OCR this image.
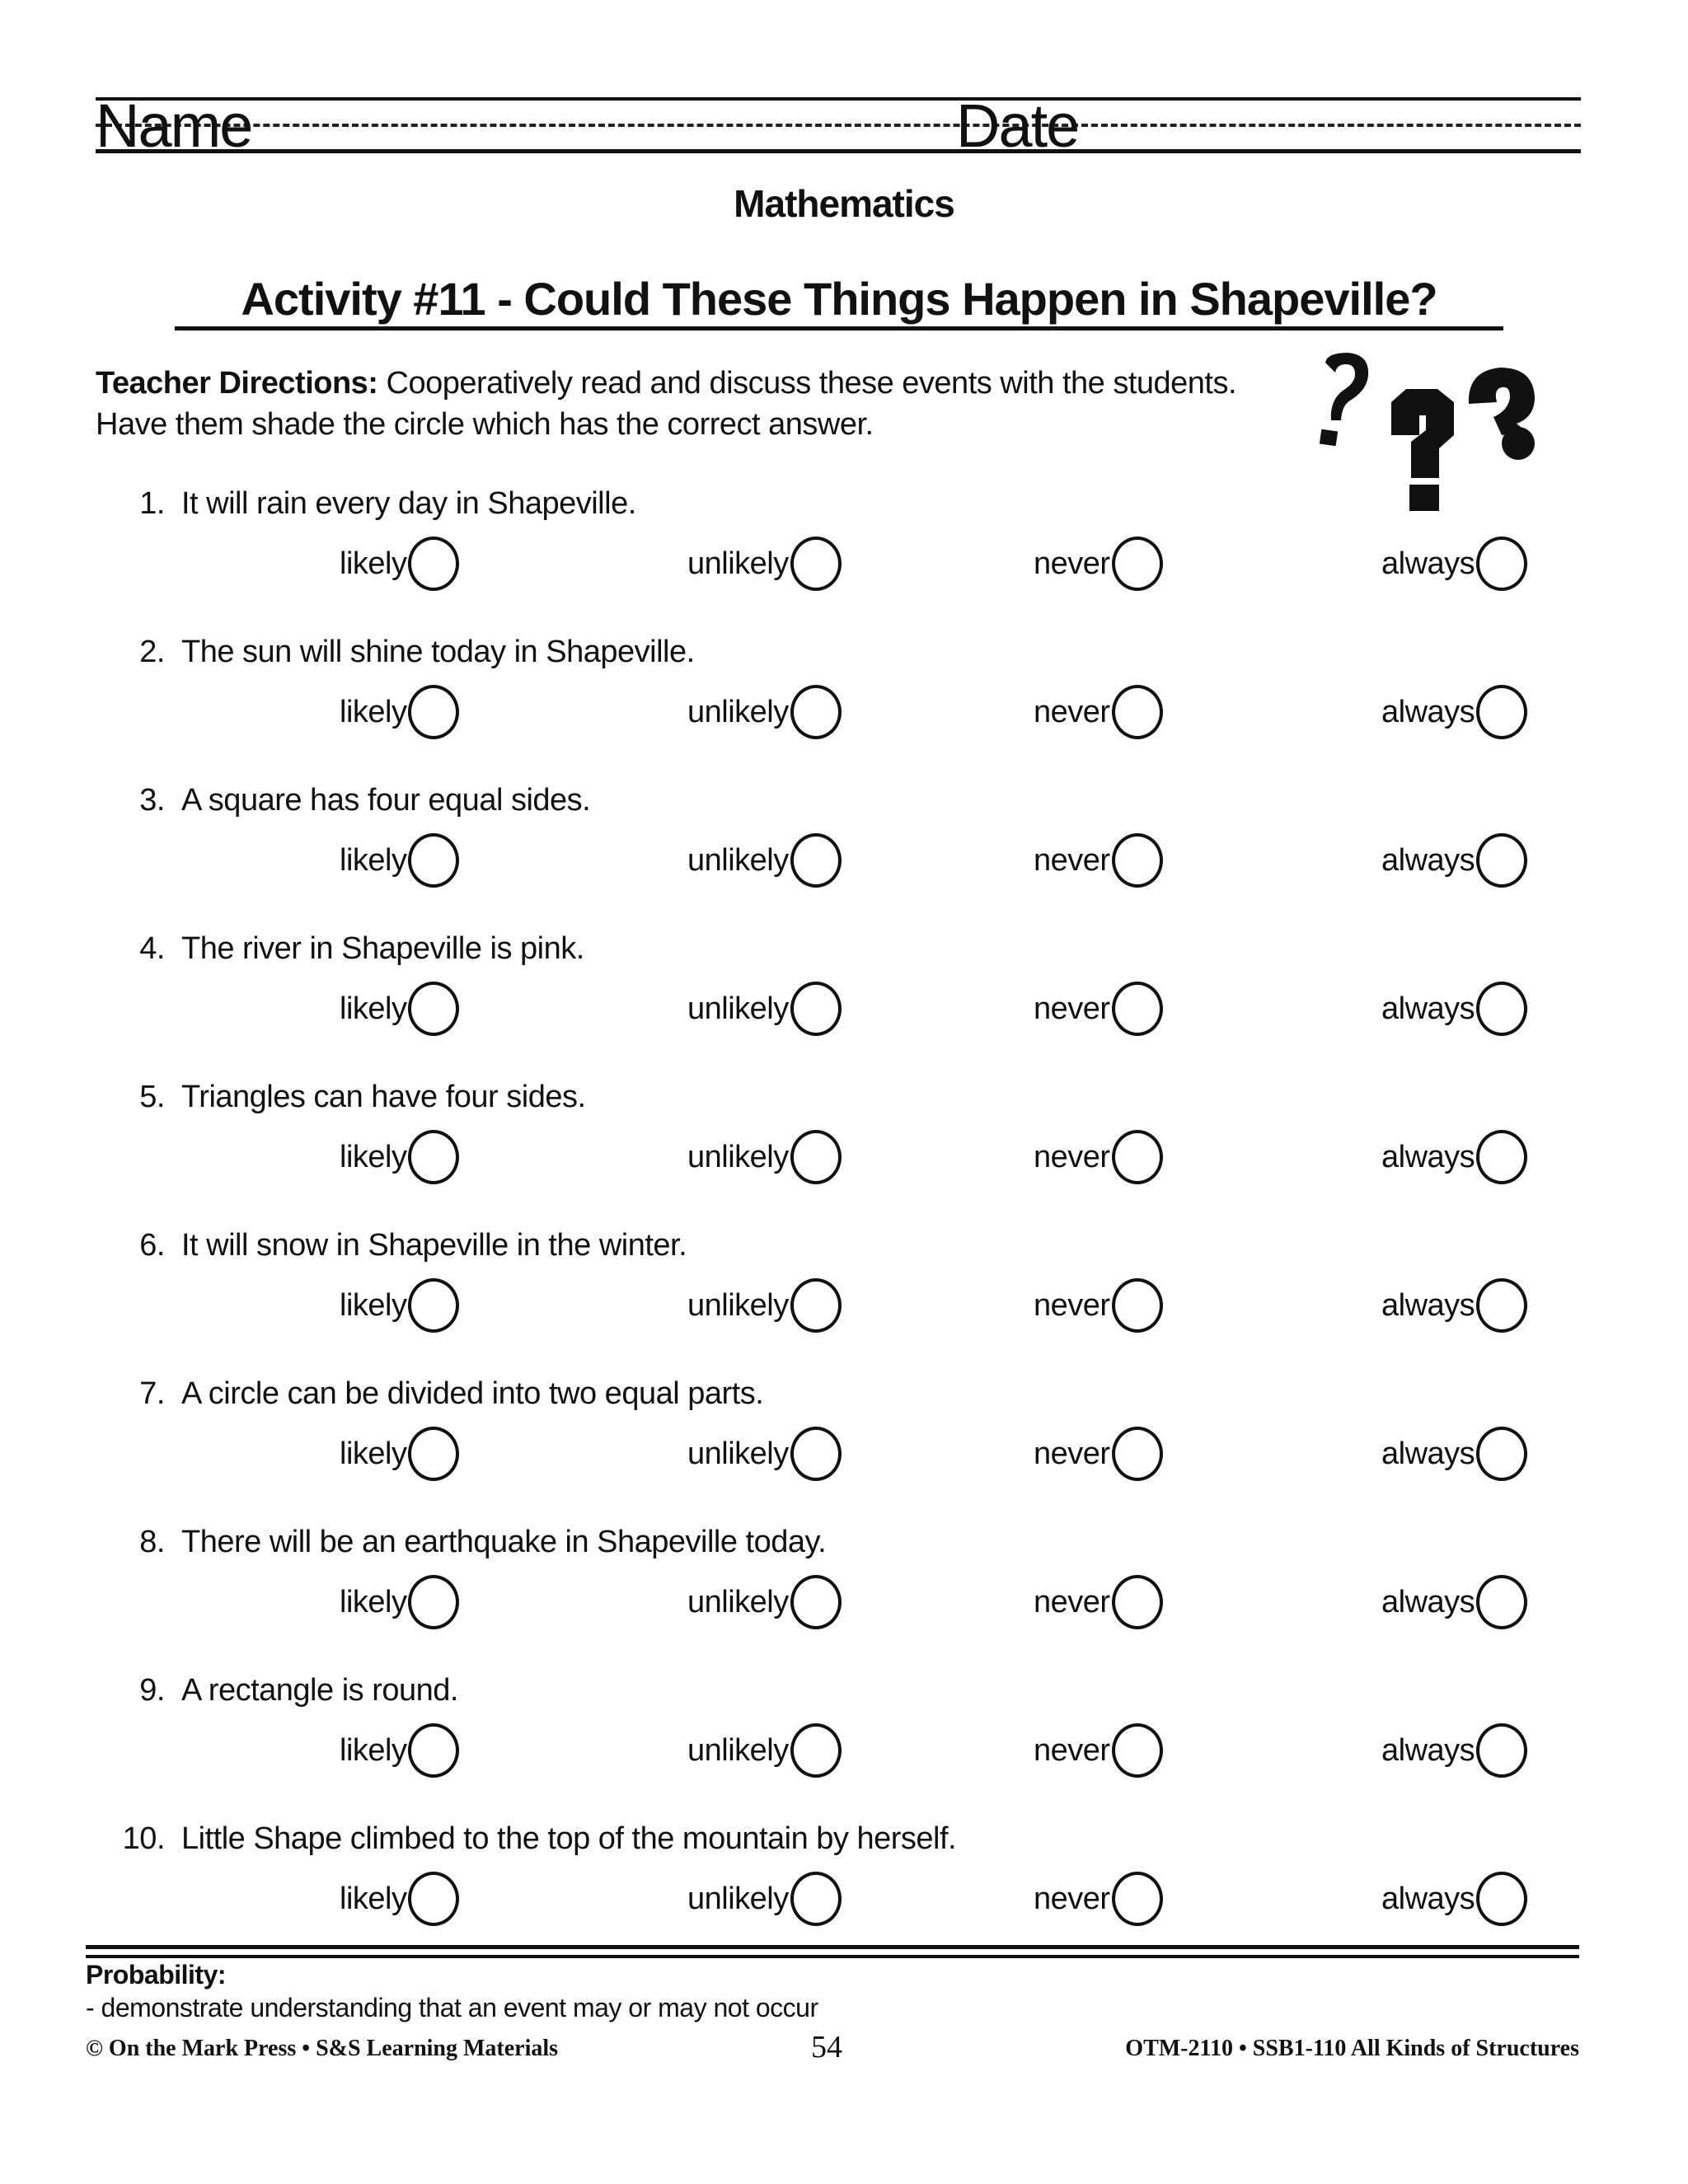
Name	Date
Mathematics
Activity #11 - Could These Things Happen in Shapeville?
Teacher Directions: Cooperatively read and discuss these events with the students. Have them shade the circle which has the correct answer.
1. It will rain every day in Shapeville.
likely	unlikely	never	always
2. The sun will shine today in Shapeville.
likely	unlikely	never	always
3. A square has four equal sides.
likely	unlikely	never	always
4. The river in Shapeville is pink.
likely	unlikely	never	always
5. Triangles can have four sides.
likely	unlikely	never	always
6. It will snow in Shapeville in the winter.
likely	unlikely	never	always
7. A circle can be divided into two equal parts.
likely	unlikely	never	always
8. There will be an earthquake in Shapeville today.
likely	unlikely	never	always
9. A rectangle is round.
likely	unlikely	never	always
10. Little Shape climbed to the top of the mountain by herself.
likely	unlikely	never	always
Probability:
- demonstrate understanding that an event may or may not occur
© On the Mark Press • S&S Learning Materials	54	OTM-2110 • SSB1-110 All Kinds of Structures
